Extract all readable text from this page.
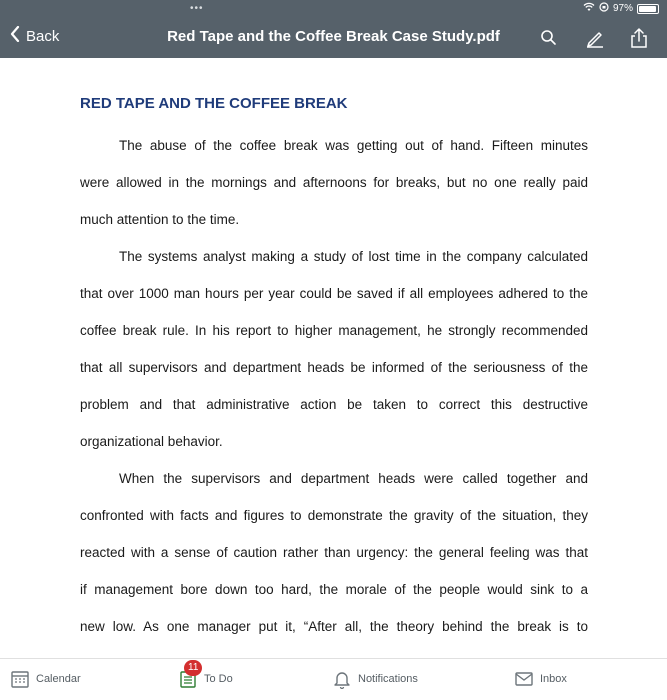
•••	97%
Back	Red Tape and the Coffee Break Case Study.pdf
RED TAPE AND THE COFFEE BREAK
The abuse of the coffee break was getting out of hand. Fifteen minutes
were allowed in the mornings and afternoons for breaks, but no one really paid
much attention to the time.
The systems analyst making a study of lost time in the company calculated
that over 1000 man hours per year could be saved if all employees adhered to the
coffee break rule. In his report to higher management, he strongly recommended
that all supervisors and department heads be informed of the seriousness of the
problem and that administrative action be taken to correct this destructive
organizational behavior.
When the supervisors and department heads were called together and
confronted with facts and figures to demonstrate the gravity of the situation, they
reacted with a sense of caution rather than urgency: the general feeling was that
if management bore down too hard, the morale of the people would sink to a
new low. As one manager put it, “After all, the theory behind the break is to
Calendar	To Do
11
Notifications	Inbox
